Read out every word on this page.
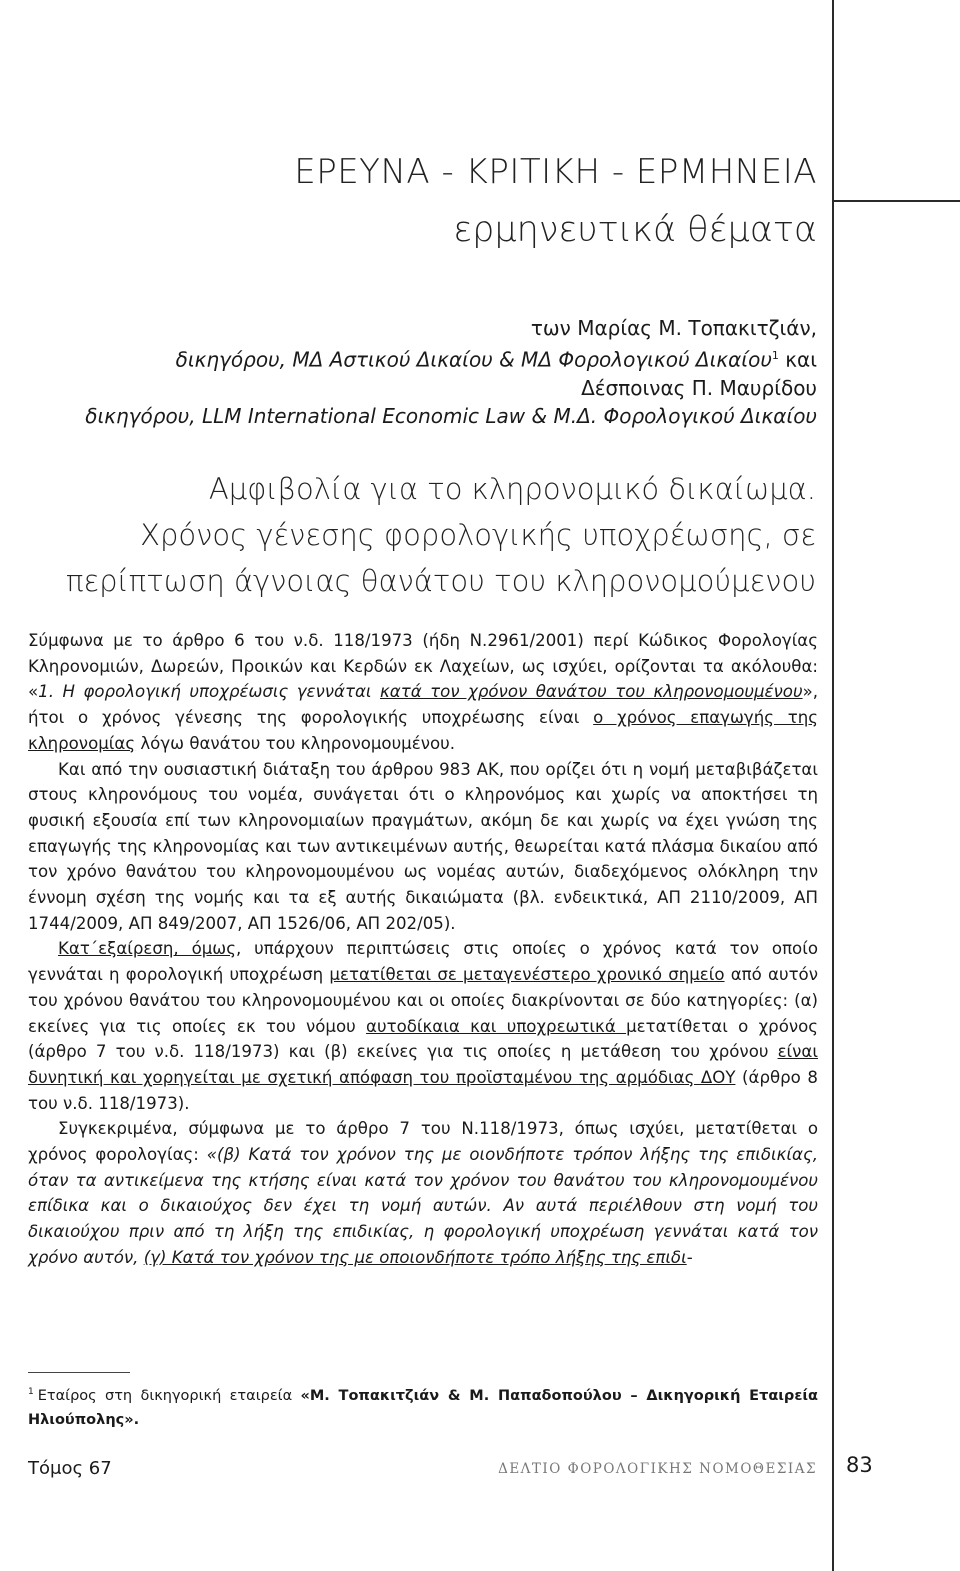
ΕΡΕΥΝΑ - ΚΡΙΤΙΚΗ - ΕΡΜΗΝΕΙΑ
ερμηνευτικά θέματα
των Μαρίας Μ. Τοπακιτζιάν,
δικηγόρου, ΜΔ Αστικού Δικαίου & ΜΔ Φορολογικού Δικαίου$^1$ και
Δέσποινας Π. Μαυρίδου
δικηγόρου, LLM International Economic Law & Μ.Δ. Φορολογικού Δικαίου
Αμφιβολία για το κληρονομικό δικαίωμα.
Χρόνος γένεσης φορολογικής υποχρέωσης, σε
περίπτωση άγνοιας θανάτου του κληρονομούμενου

Σύμφωνα με το άρθρο 6 του ν.δ. 118/1973 (ήδη Ν.2961/2001) περί Κώδικος Φορολογίας Κληρονομιών, Δωρεών, Προικών και Κερδών εκ Λαχείων, ως ισχύει, ορίζονται τα ακόλουθα: «1. Η φορολογική υποχρέωσις γεννάται κατά τον χρόνον θανάτου του κληρονομουμένου», ήτοι ο χρόνος γένεσης της φορολογικής υποχρέωσης είναι ο χρόνος επαγωγής της κληρονομίας λόγω θανάτου του κληρονομουμένου.

Και από την ουσιαστική διάταξη του άρθρου 983 ΑΚ, που ορίζει ότι η νομή μεταβιβάζεται στους κληρονόμους του νομέα, συνάγεται ότι ο κληρονόμος και χωρίς να αποκτήσει τη φυσική εξουσία επί των κληρονομιαίων πραγμάτων, ακόμη δε και χωρίς να έχει γνώση της επαγωγής της κληρονομίας και των αντικειμένων αυτής, θεωρείται κατά πλάσμα δικαίου από τον χρόνο θανάτου του κληρονομουμένου ως νομέας αυτών, διαδεχόμενος ολόκληρη την έννομη σχέση της νομής και τα εξ αυτής δικαιώματα (βλ. ενδεικτικά, ΑΠ 2110/2009, ΑΠ 1744/2009, ΑΠ 849/2007, ΑΠ 1526/06, ΑΠ 202/05).

Κατ΄εξαίρεση, όμως, υπάρχουν περιπτώσεις στις οποίες ο χρόνος κατά τον οποίο γεννάται η φορολογική υποχρέωση μετατίθεται σε μεταγενέστερο χρονικό σημείο από αυτόν του χρόνου θανάτου του κληρονομουμένου και οι οποίες διακρίνονται σε δύο κατηγορίες: (α) εκείνες για τις οποίες εκ του νόμου αυτοδίκαια και υποχρεωτικά μετατίθεται ο χρόνος (άρθρο 7 του ν.δ. 118/1973) και (β) εκείνες για τις οποίες η μετάθεση του χρόνου είναι δυνητική και χορηγείται με σχετική απόφαση του προϊσταμένου της αρμόδιας ΔΟΥ (άρθρο 8 του ν.δ. 118/1973).

Συγκεκριμένα, σύμφωνα με το άρθρο 7 του Ν.118/1973, όπως ισχύει, μετατίθεται ο χρόνος φορολογίας: «(β) Κατά τον χρόνον της με οιονδήποτε τρόπον λήξης της επιδικίας, όταν τα αντικείμενα της κτήσης είναι κατά τον χρόνον του θανάτου του κληρονομουμένου επίδικα και ο δικαιούχος δεν έχει τη νομή αυτών. Αν αυτά περιέλθουν στη νομή του δικαιούχου πριν από τη λήξη της επιδικίας, η φορολογική υποχρέωση γεννάται κατά τον χρόνο αυτόν, (γ) Κατά τον χρόνον της με οποιονδήποτε τρόπο λήξης της επιδι-

$^1$ Εταίρος στη δικηγορική εταιρεία «Μ. Τοπακιτζιάν & Μ. Παπαδοπούλου – Δικηγορική Εταιρεία Ηλιούπολης».
Τόμος 67	ΔΕΛΤΙΟ ΦΟΡΟΛΟΓΙΚΗΣ ΝΟΜΟΘΕΣΙΑΣ 83
